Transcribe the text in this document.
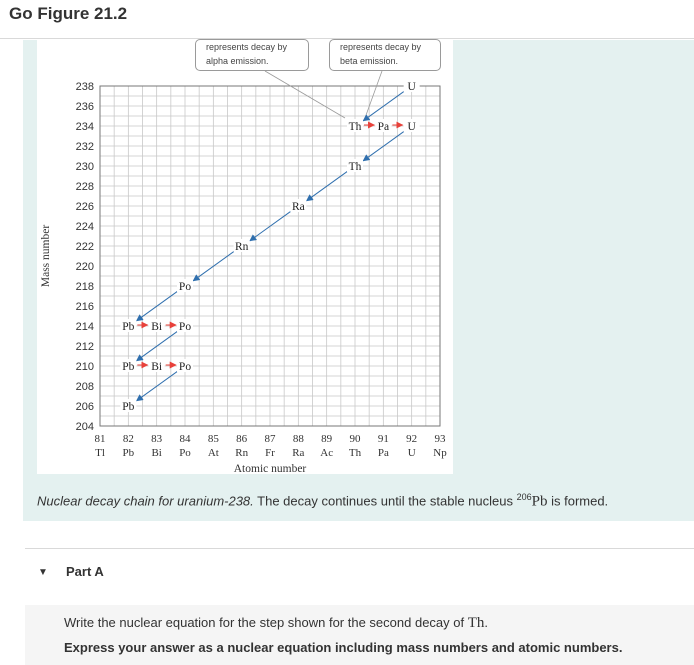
Go Figure 21.2
238
236
234
232
230
228
226
224
222
220
218
216
214
212
210
208
206
204
81
Tl
82
Pb
83
Bi
84
Po
85
At
86
Rn
87
Fr
88
Ra
89
Ac
90
Th
91
Pa
92
U
93
Np
Atomic number
Mass number
U
Th Pa U
Th
Ra
Rn
Po
Pb Bi Po
Pb Bi Po
Pb
represents decay by
alpha emission.
represents decay by
beta emission.

Nuclear decay chain for uranium-238. The decay continues until the stable nucleus $^{206}$Pb is formed.

▼ Part A

Write the nuclear equation for the step shown for the second decay of Th.

Express your answer as a nuclear equation including mass numbers and atomic numbers.
